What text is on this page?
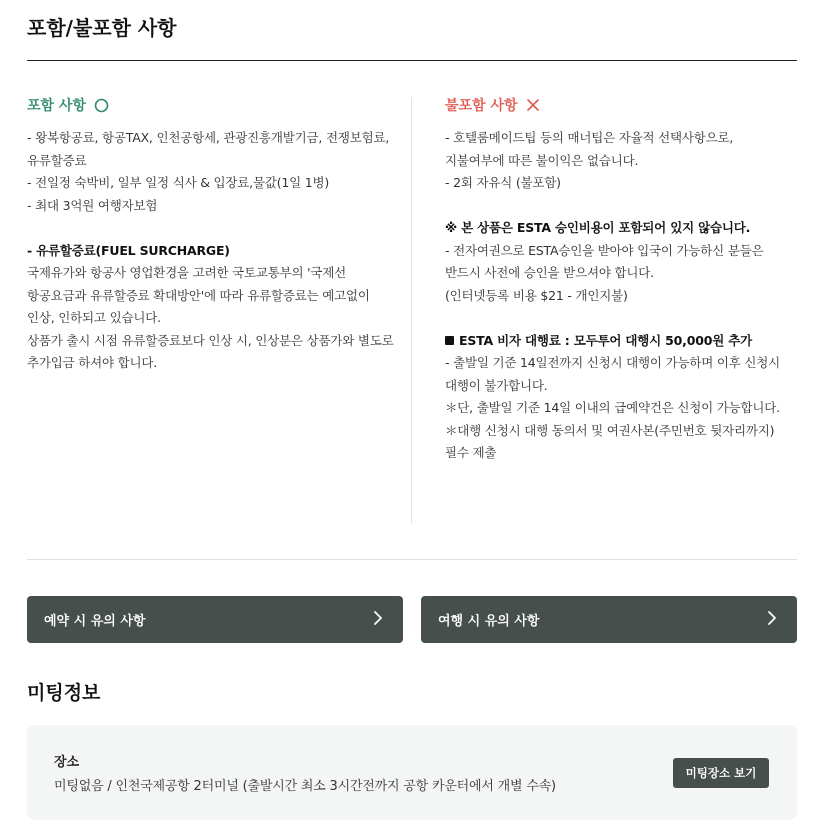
포함/불포함 사항
포함 사항
- 왕복항공료, 항공TAX, 인천공항세, 관광진흥개발기금, 전쟁보험료,
유류할증료
- 전일정 숙박비, 일부 일정 식사 & 입장료,물값(1일 1병)
- 최대 3억원 여행자보험
- 유류할증료(FUEL SURCHARGE)
국제유가와 항공사 영업환경을 고려한 국토교통부의 '국제선
항공요금과 유류할증료 확대방안'에 따라 유류할증료는 예고없이
인상, 인하되고 있습니다.
상품가 출시 시점 유류할증료보다 인상 시, 인상분은 상품가와 별도로
추가입금 하셔야 합니다.
불포함 사항
- 호텔룸메이드팁 등의 매너팁은 자율적 선택사항으로,
지불여부에 따른 불이익은 없습니다.
- 2회 자유식 (불포함)
※ 본 상품은 ESTA 승인비용이 포함되어 있지 않습니다.
- 전자여권으로 ESTA승인을 받아야 입국이 가능하신 분들은
반드시 사전에 승인을 받으셔야 합니다.
(인터넷등록 비용 $21 - 개인지불)
ESTA 비자 대행료 : 모두투어 대행시 50,000원 추가
- 출발일 기준 14일전까지 신청시 대행이 가능하며 이후 신청시
대행이 불가합니다.
＊단, 출발일 기준 14일 이내의 급예약건은 신청이 가능합니다.
＊대행 신청시 대행 동의서 및 여권사본(주민번호 뒷자리까지)
필수 제출
예약 시 유의 사항	여행 시 유의 사항
미팅정보
장소
미팅없음 / 인천국제공항 2터미널 (출발시간 최소 3시간전까지 공항 카운터에서 개별 수속)
미팅장소 보기
